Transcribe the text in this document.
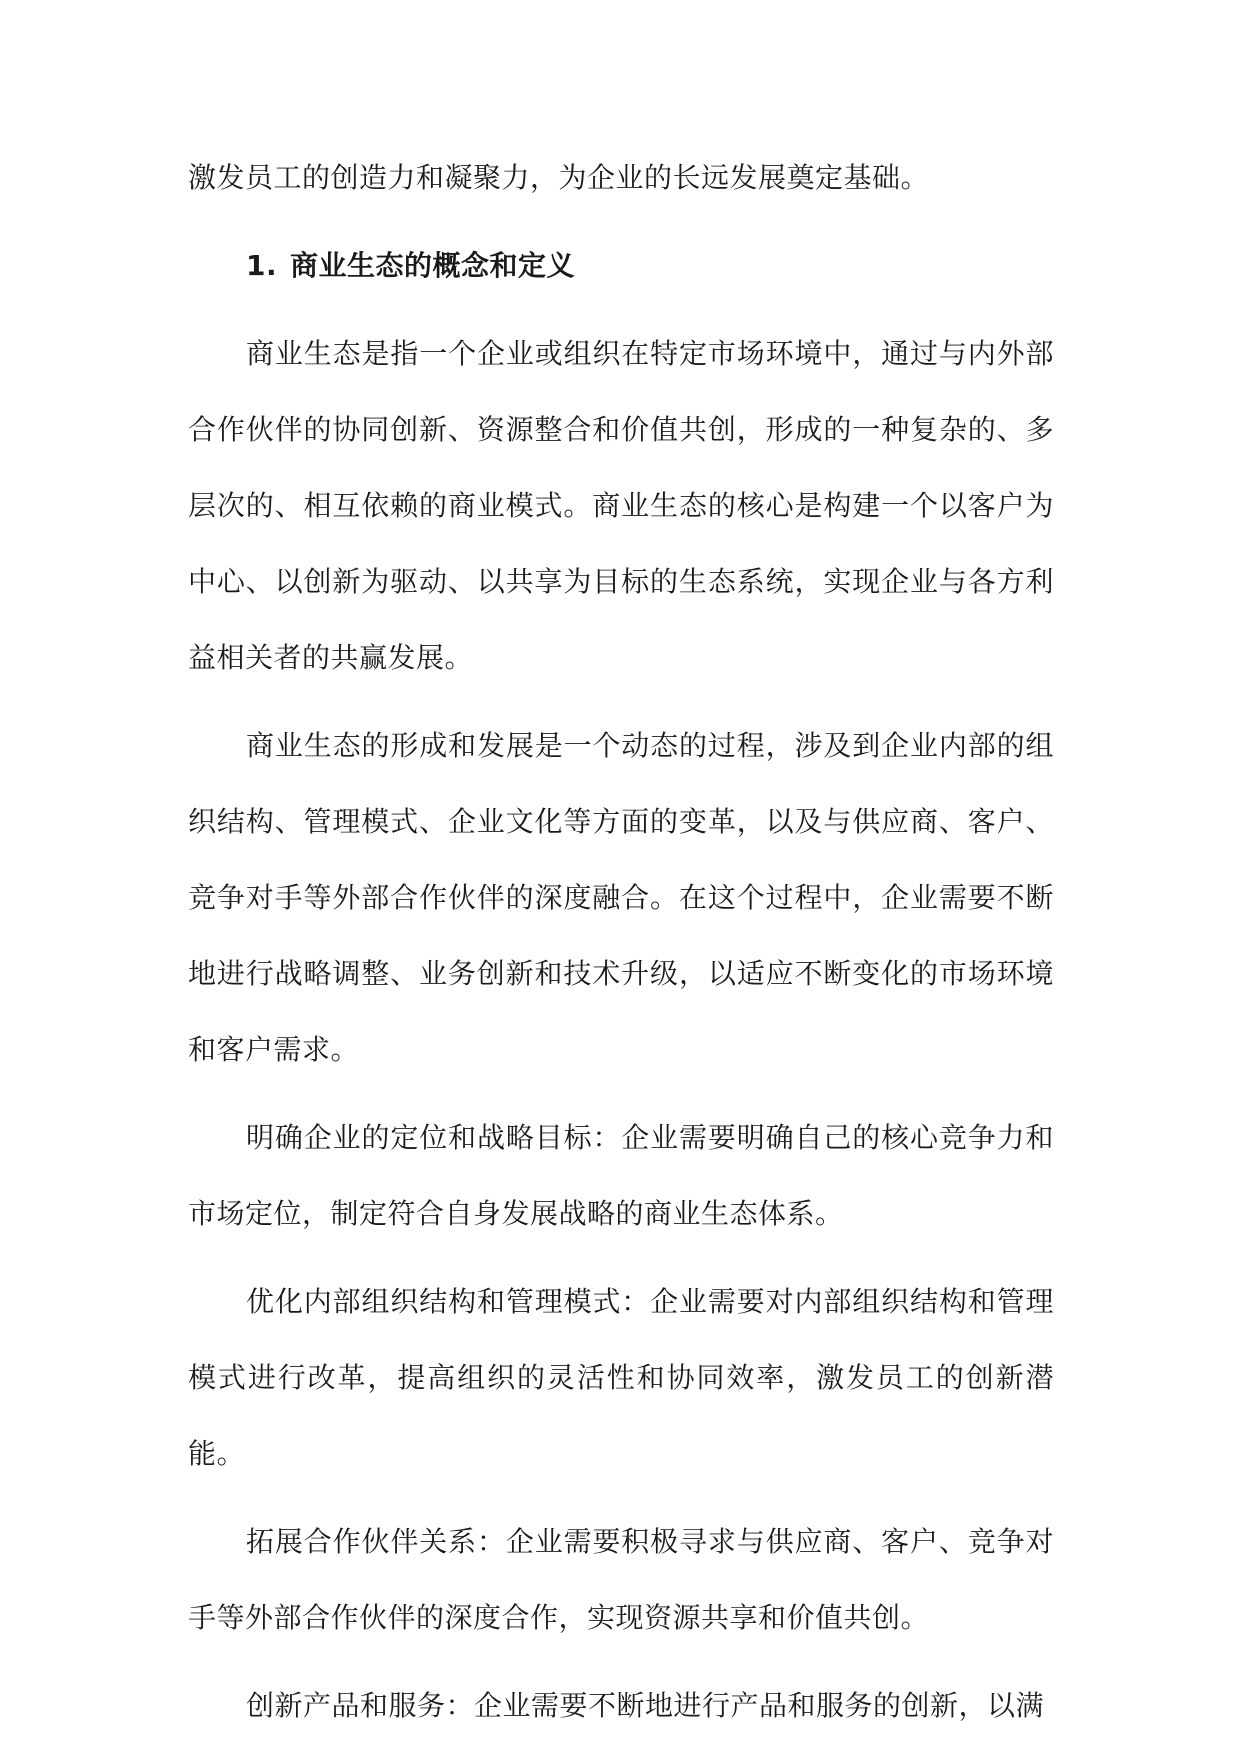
激发员工的创造力和凝聚力，为企业的长远发展奠定基础。

1. 商业生态的概念和定义

商业生态是指一个企业或组织在特定市场环境中，通过与内外部合作伙伴的协同创新、资源整合和价值共创，形成的一种复杂的、多层次的、相互依赖的商业模式。商业生态的核心是构建一个以客户为中心、以创新为驱动、以共享为目标的生态系统，实现企业与各方利益相关者的共赢发展。

商业生态的形成和发展是一个动态的过程，涉及到企业内部的组织结构、管理模式、企业文化等方面的变革，以及与供应商、客户、竞争对手等外部合作伙伴的深度融合。在这个过程中，企业需要不断地进行战略调整、业务创新和技术升级，以适应不断变化的市场环境和客户需求。

明确企业的定位和战略目标：企业需要明确自己的核心竞争力和市场定位，制定符合自身发展战略的商业生态体系。

优化内部组织结构和管理模式：企业需要对内部组织结构和管理模式进行改革，提高组织的灵活性和协同效率，激发员工的创新潜能。

拓展合作伙伴关系：企业需要积极寻求与供应商、客户、竞争对手等外部合作伙伴的深度合作，实现资源共享和价值共创。

创新产品和服务：企业需要不断地进行产品和服务的创新，以满
